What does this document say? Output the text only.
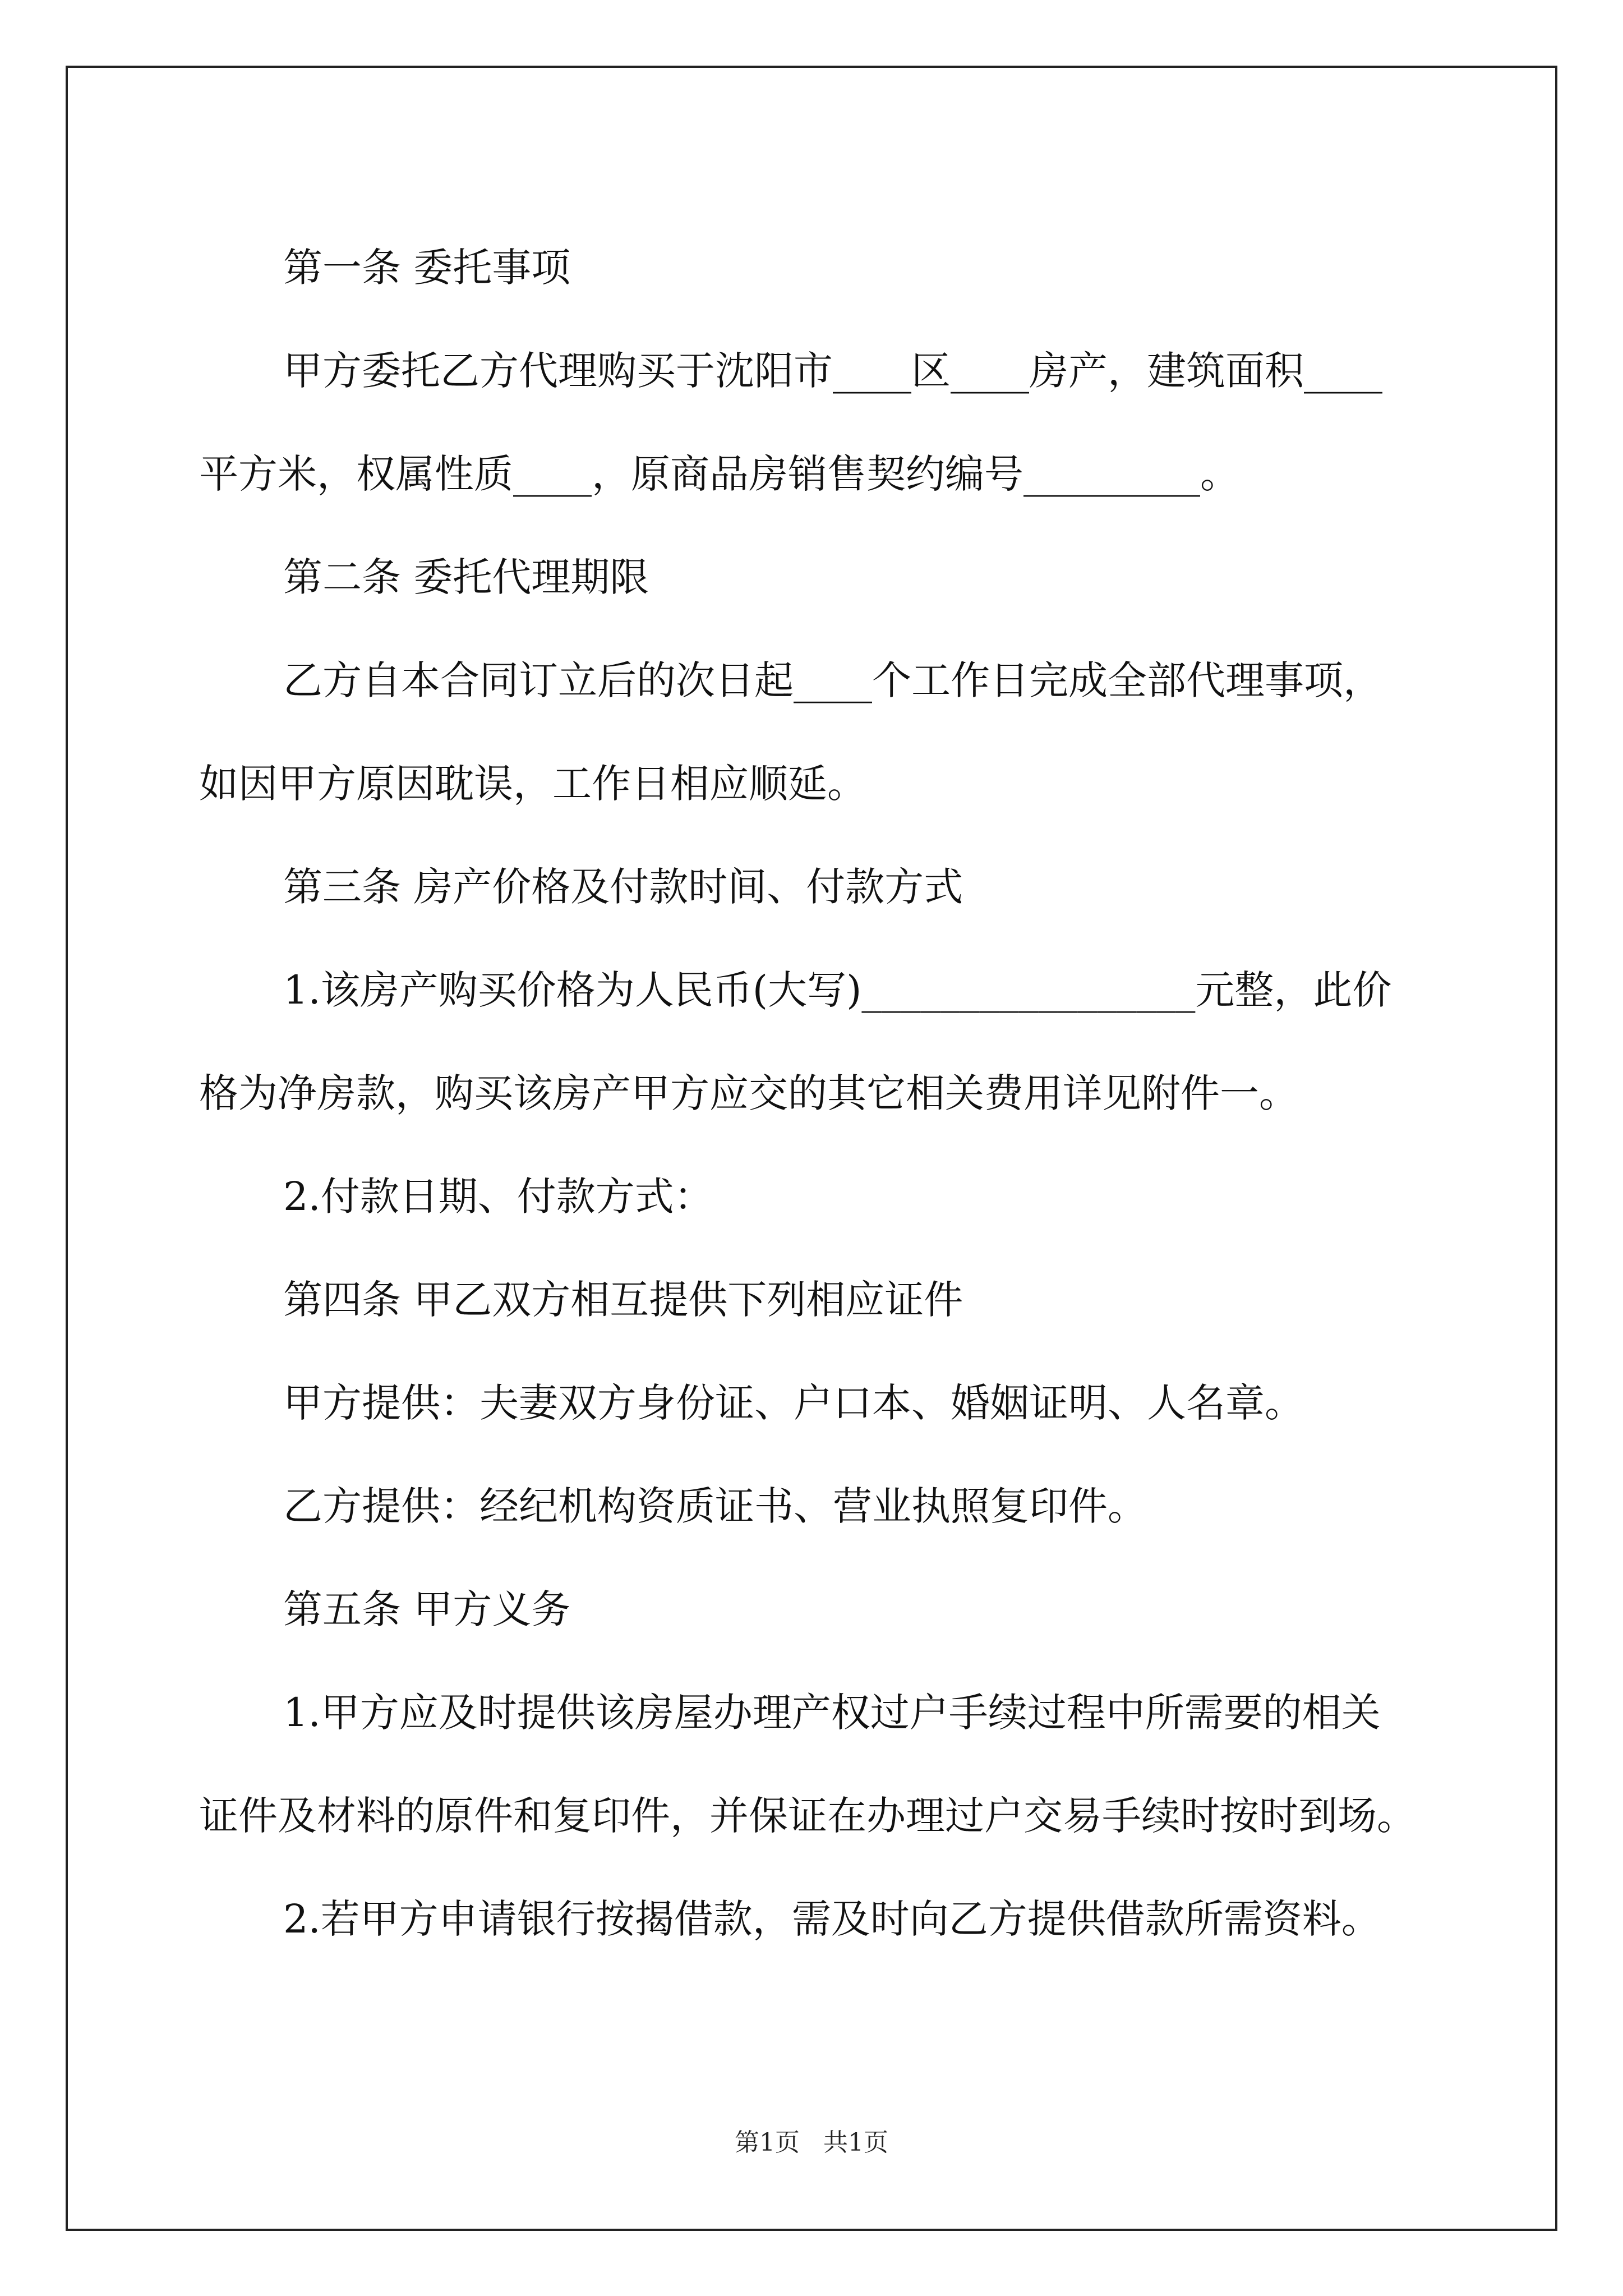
第一条 委托事项

甲方委托乙方代理购买于沈阳市____区____房产，建筑面积____

平方米，权属性质____，原商品房销售契约编号_________。

第二条 委托代理期限

乙方自本合同订立后的次日起____个工作日完成全部代理事项，

如因甲方原因耽误，工作日相应顺延。

第三条 房产价格及付款时间、付款方式

1.该房产购买价格为人民币(大写)_________________元整，此价

格为净房款，购买该房产甲方应交的其它相关费用详见附件一。

2.付款日期、付款方式：

第四条 甲乙双方相互提供下列相应证件

甲方提供：夫妻双方身份证、户口本、婚姻证明、人名章。

乙方提供：经纪机构资质证书、营业执照复印件。

第五条 甲方义务

1.甲方应及时提供该房屋办理产权过户手续过程中所需要的相关

证件及材料的原件和复印件，并保证在办理过户交易手续时按时到场。

2.若甲方申请银行按揭借款，需及时向乙方提供借款所需资料。

第1页 共1页
